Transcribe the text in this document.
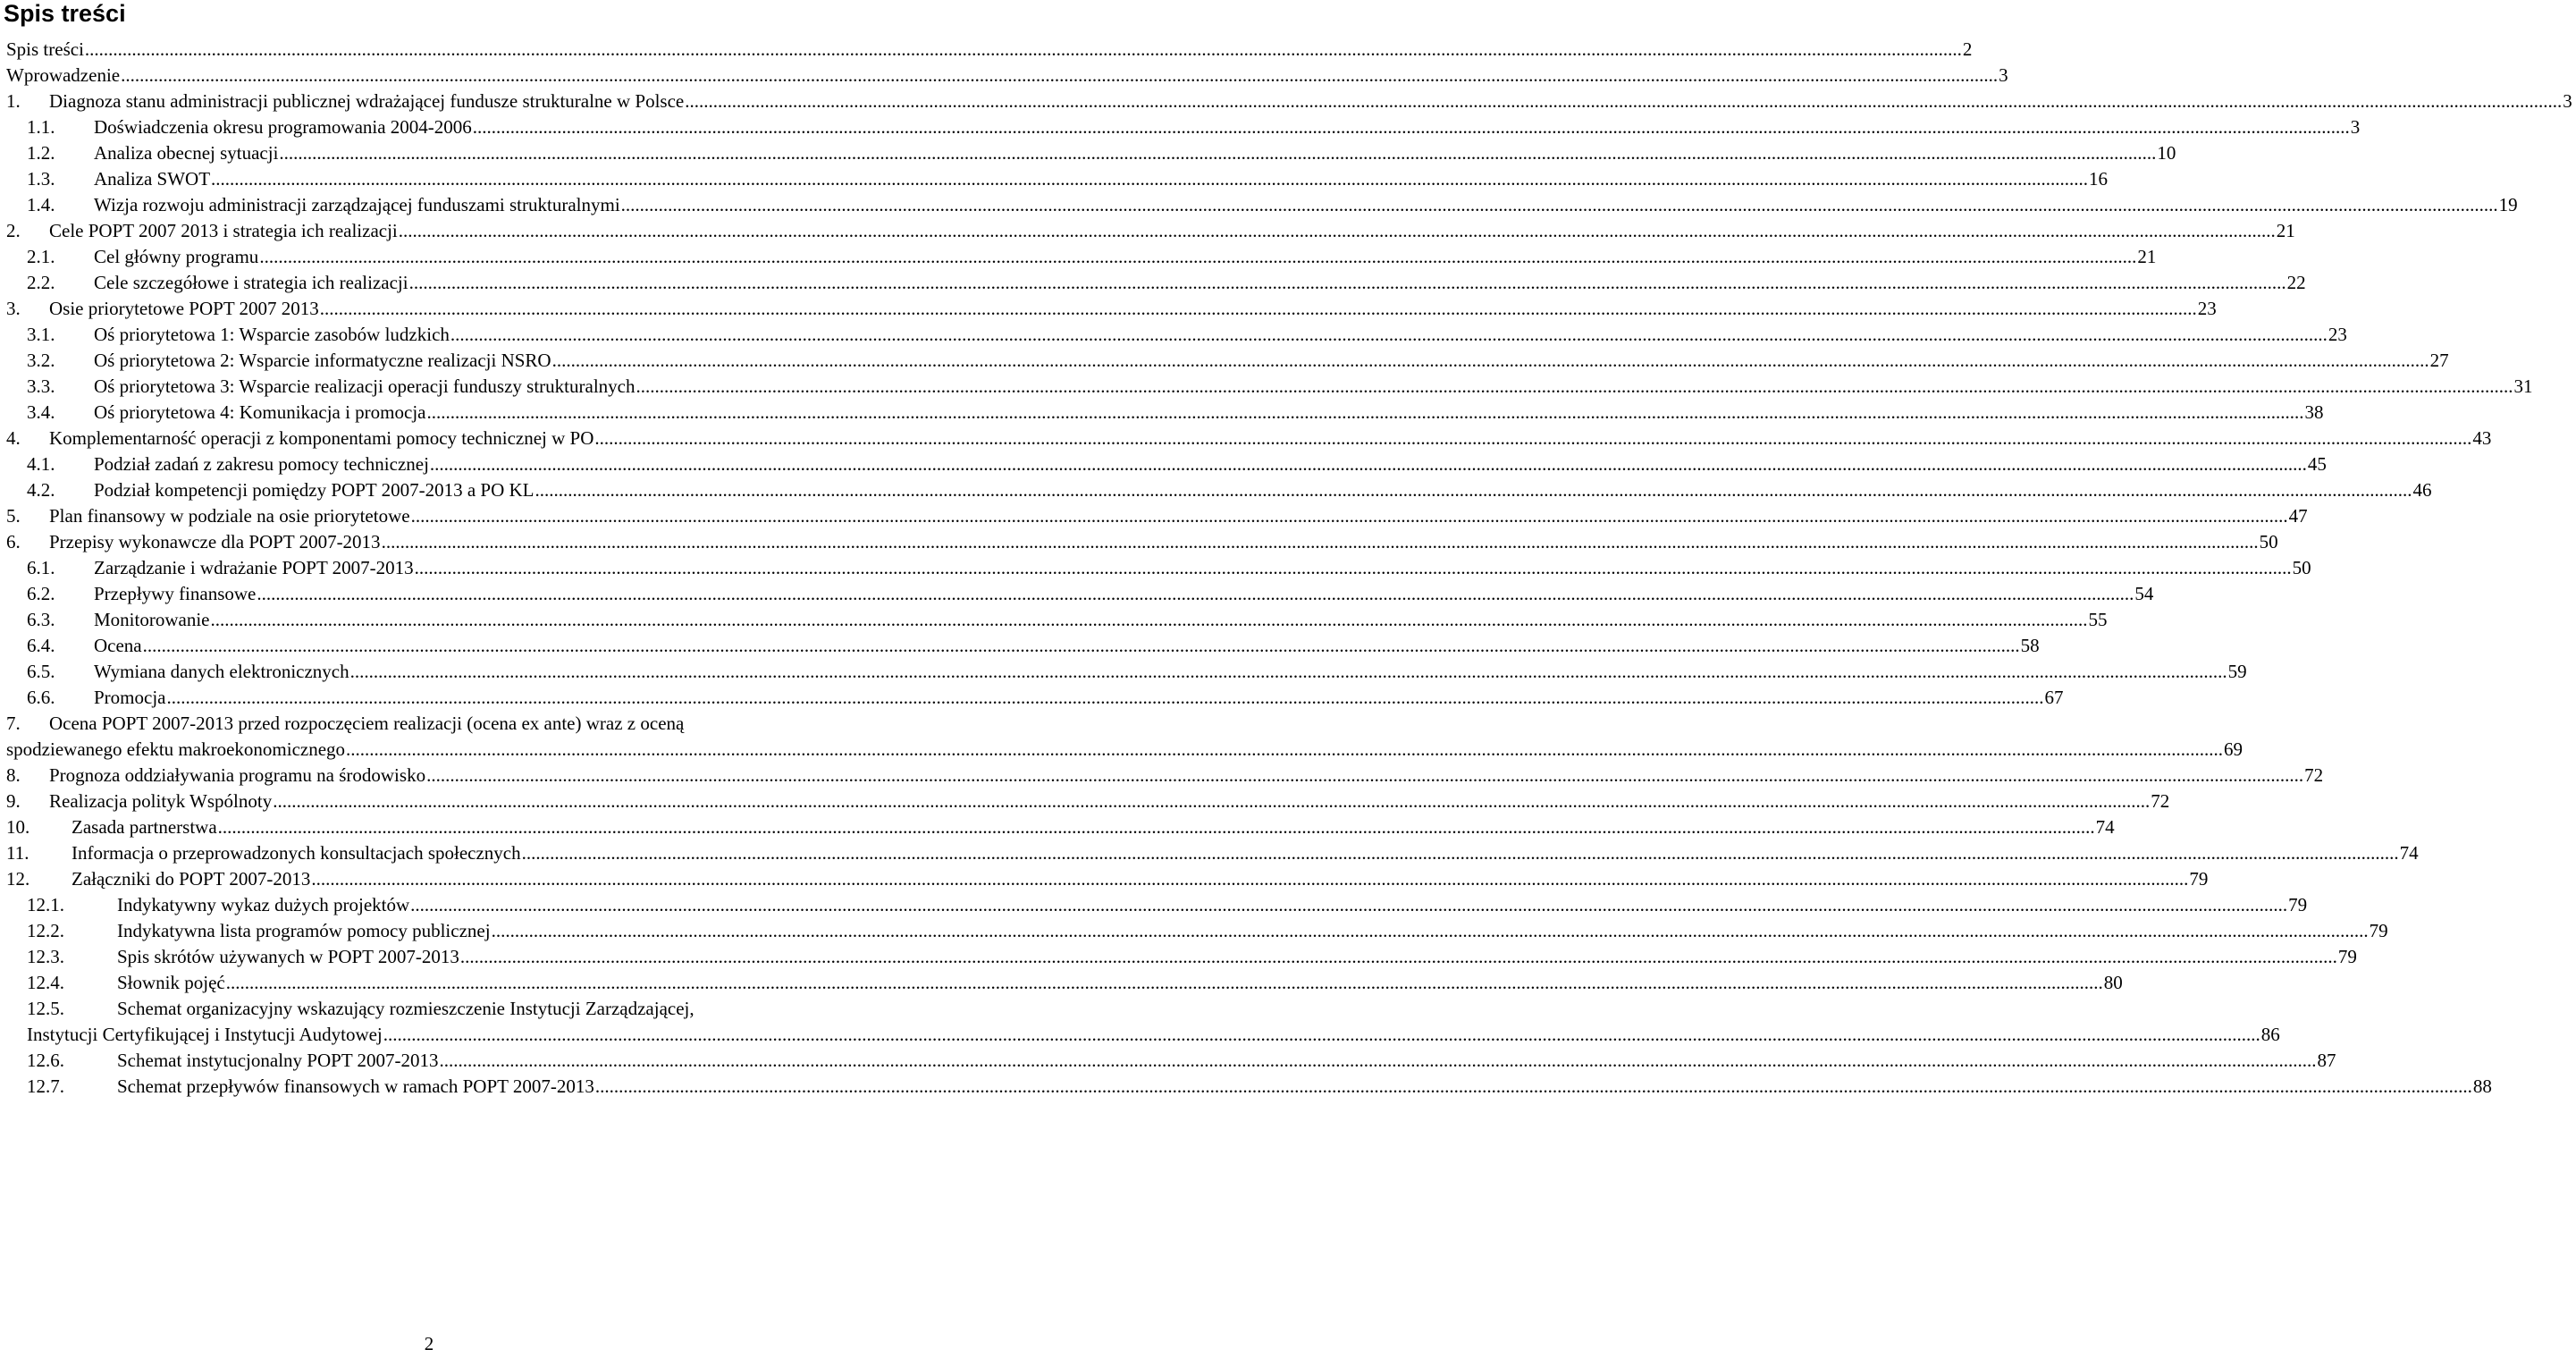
Spis treści
Spis treści ................................................................................................................................................................................................................................................................................................................................................................................................................ 2
Wprowadzenie ................................................................................................................................................................................................................................................................................................................................................................................................................ 3
1. Diagnoza stanu administracji publicznej wdrażającej fundusze strukturalne w Polsce ................................................................................................................................................................................................................................................................................................................................................................................................................ 3
1.1. Doświadczenia okresu programowania 2004-2006 ................................................................................................................................................................................................................................................................................................................................................................................................................ 3
1.2. Analiza obecnej sytuacji ................................................................................................................................................................................................................................................................................................................................................................................................................ 10
1.3. Analiza SWOT ................................................................................................................................................................................................................................................................................................................................................................................................................ 16
1.4. Wizja rozwoju administracji zarządzającej funduszami strukturalnymi ................................................................................................................................................................................................................................................................................................................................................................................................................ 19
2. Cele POPT 2007 2013 i strategia ich realizacji ................................................................................................................................................................................................................................................................................................................................................................................................................ 21
2.1. Cel główny programu ................................................................................................................................................................................................................................................................................................................................................................................................................ 21
2.2. Cele szczegółowe i strategia ich realizacji ................................................................................................................................................................................................................................................................................................................................................................................................................ 22
3. Osie priorytetowe POPT 2007 2013 ................................................................................................................................................................................................................................................................................................................................................................................................................ 23
3.1. Oś priorytetowa 1: Wsparcie zasobów ludzkich ................................................................................................................................................................................................................................................................................................................................................................................................................ 23
3.2. Oś priorytetowa 2: Wsparcie informatyczne realizacji NSRO ................................................................................................................................................................................................................................................................................................................................................................................................................ 27
3.3. Oś priorytetowa 3: Wsparcie realizacji operacji funduszy strukturalnych ................................................................................................................................................................................................................................................................................................................................................................................................................ 31
3.4. Oś priorytetowa 4: Komunikacja i promocja ................................................................................................................................................................................................................................................................................................................................................................................................................ 38
4. Komplementarność operacji z komponentami pomocy technicznej w PO ................................................................................................................................................................................................................................................................................................................................................................................................................ 43
4.1. Podział zadań z zakresu pomocy technicznej ................................................................................................................................................................................................................................................................................................................................................................................................................ 45
4.2. Podział kompetencji pomiędzy POPT 2007-2013 a PO KL ................................................................................................................................................................................................................................................................................................................................................................................................................ 46
5. Plan finansowy w podziale na osie priorytetowe ................................................................................................................................................................................................................................................................................................................................................................................................................ 47
6. Przepisy wykonawcze dla POPT 2007-2013 ................................................................................................................................................................................................................................................................................................................................................................................................................ 50
6.1. Zarządzanie i wdrażanie POPT 2007-2013 ................................................................................................................................................................................................................................................................................................................................................................................................................ 50
6.2. Przepływy finansowe ................................................................................................................................................................................................................................................................................................................................................................................................................ 54
6.3. Monitorowanie ................................................................................................................................................................................................................................................................................................................................................................................................................ 55
6.4. Ocena ................................................................................................................................................................................................................................................................................................................................................................................................................ 58
6.5. Wymiana danych elektronicznych ................................................................................................................................................................................................................................................................................................................................................................................................................ 59
6.6. Promocja ................................................................................................................................................................................................................................................................................................................................................................................................................ 67
7. Ocena POPT 2007-2013 przed rozpoczęciem realizacji (ocena ex ante) wraz z oceną
spodziewanego efektu makroekonomicznego ................................................................................................................................................................................................................................................................................................................................................................................................................ 69
8. Prognoza oddziaływania programu na środowisko ................................................................................................................................................................................................................................................................................................................................................................................................................ 72
9. Realizacja polityk Wspólnoty ................................................................................................................................................................................................................................................................................................................................................................................................................ 72
10. Zasada partnerstwa ................................................................................................................................................................................................................................................................................................................................................................................................................ 74
11. Informacja o przeprowadzonych konsultacjach społecznych ................................................................................................................................................................................................................................................................................................................................................................................................................ 74
12. Załączniki do POPT 2007-2013 ................................................................................................................................................................................................................................................................................................................................................................................................................ 79
12.1.	Indykatywny wykaz dużych projektów ................................................................................................................................................................................................................................................................................................................................................................................................................ 79
12.2.	Indykatywna lista programów pomocy publicznej ................................................................................................................................................................................................................................................................................................................................................................................................................ 79
12.3.	Spis skrótów używanych w POPT 2007-2013 ................................................................................................................................................................................................................................................................................................................................................................................................................ 79
12.4.	Słownik pojęć ................................................................................................................................................................................................................................................................................................................................................................................................................ 80
12.5.	Schemat organizacyjny wskazujący rozmieszczenie Instytucji Zarządzającej,
Instytucji Certyfikującej i Instytucji Audytowej ................................................................................................................................................................................................................................................................................................................................................................................................................ 86
12.6.	Schemat instytucjonalny POPT 2007-2013 ................................................................................................................................................................................................................................................................................................................................................................................................................ 87
12.7.	Schemat przepływów finansowych w ramach POPT 2007-2013 ................................................................................................................................................................................................................................................................................................................................................................................................................ 88
2
